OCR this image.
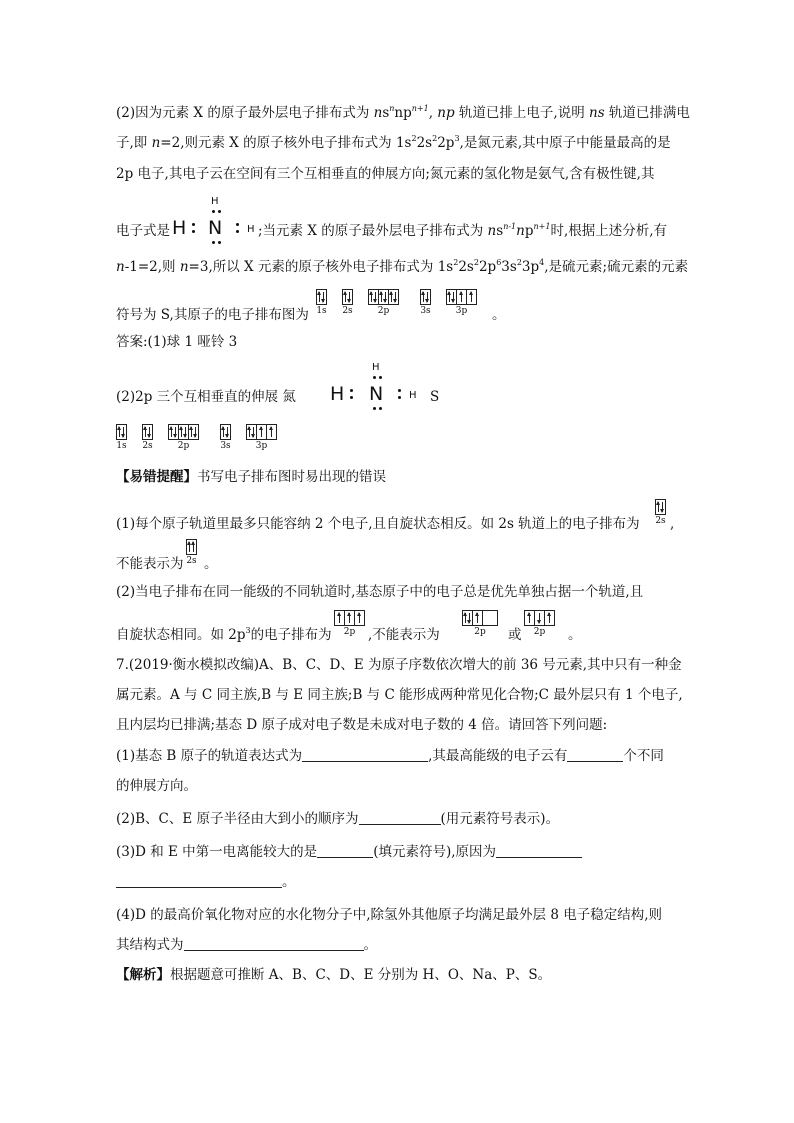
(2)因为元素 X 的原子最外层电子排布式为 $ns^nnp^{n+1}$, np 轨道已排上电子,说明 ns 轨道已排满电
子,即 n=2,则元素 X 的原子核外电子排布式为 $1s^22s^22p^3$,是氮元素,其中原子中能量最高的是
2p 电子,其电子云在空间有三个互相垂直的伸展方向;氮元素的氢化物是氨气,含有极性键,其
电子式是 H
H
N H ;当元素 X 的原子最外层电子排布式为 $ns^{n-1}np^{n+1}$时,根据上述分析,有
n-1=2,则 n=3,所以 X 元素的原子核外电子排布式为 $1s^22s^22p^63s^23p^4$,是硫元素;硫元素的元素
符号为 S,其原子的电子排布图为 1s 2s	2p	3s	3p	。
答案:(1)球 1 哑铃 3
(2)2p 三个互相垂直的伸展 氮 H
H
N	H S
1s 2s	2p	3s	3p
【易错提醒】书写电子排布图时易出现的错误
(1)每个原子轨道里最多只能容纳 2 个电子,且自旋状态相反。如 2s 轨道上的电子排布为 2s ,
不能表示为 2s 。
(2)当电子排布在同一能级的不同轨道时,基态原子中的电子总是优先单独占据一个轨道,且
自旋状态相同。如 $2p^3$的电子排布为	2p ,不能表示为	2p	或	2p	。
7.(2019·衡水模拟改编)A、B、C、D、E 为原子序数依次增大的前 36 号元素,其中只有一种金
属元素。A 与 C 同主族,B 与 E 同主族;B 与 C 能形成两种常见化合物;C 最外层只有 1 个电子,
且内层均已排满;基态 D 原子成对电子数是未成对电子数的 4 倍。请回答下列问题:
(1)基态 B 原子的轨道表达式为	,其最高能级的电子云有	个不同
的伸展方向。
(2)B、C、E 原子半径由大到小的顺序为	(用元素符号表示)。
(3)D 和 E 中第一电离能较大的是	(填元素符号),原因为
。
(4)D 的最高价氧化物对应的水化物分子中,除氢外其他原子均满足最外层 8 电子稳定结构,则
其结构式为	。
【解析】根据题意可推断 A、B、C、D、E 分别为 H、O、Na、P、S。
